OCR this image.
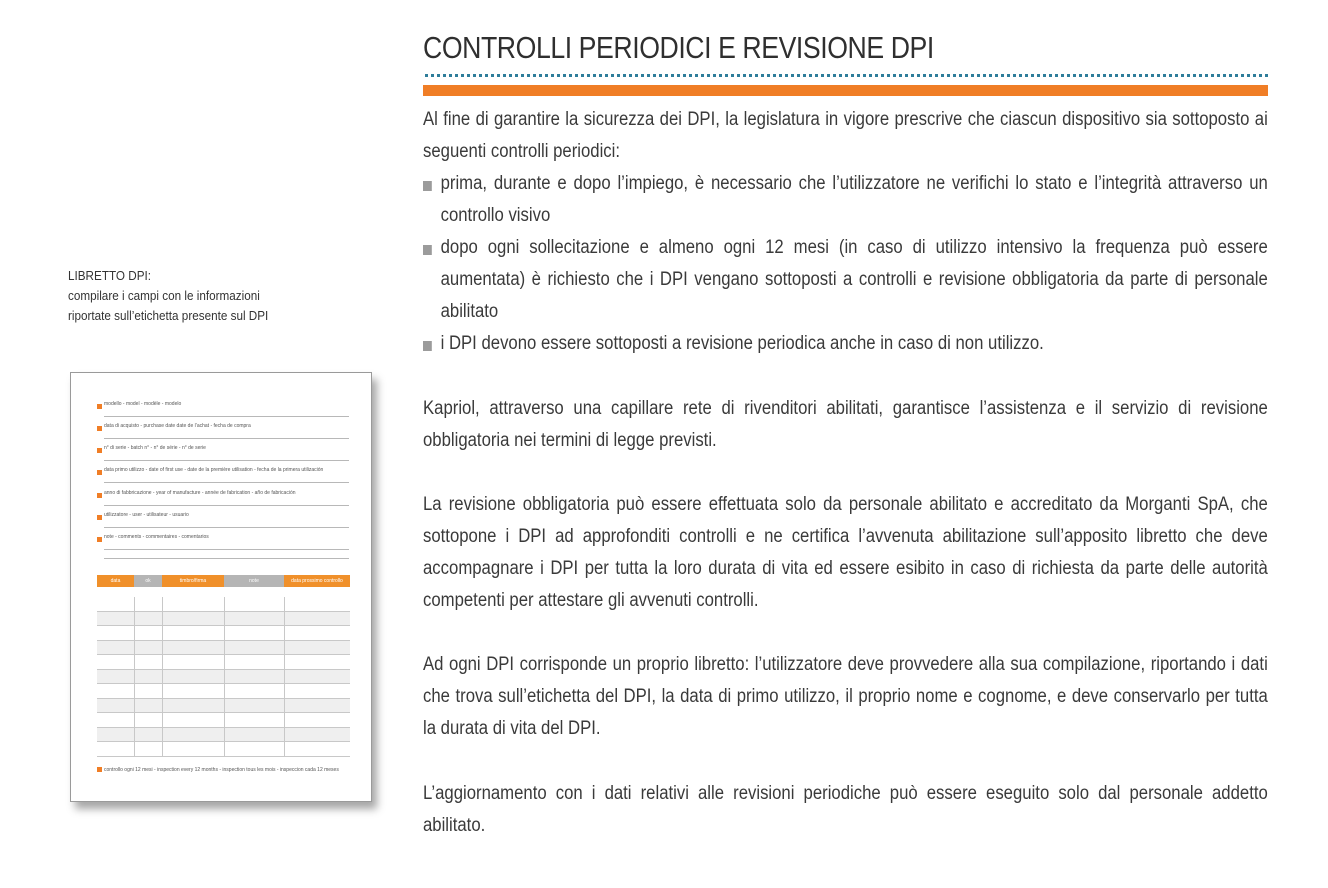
CONTROLLI PERIODICI E REVISIONE DPI
LIBRETTO DPI:
compilare i campi con le informazioni
riportate sull’etichetta presente sul DPI
modello - model - modèle - modelo
data di acquisto - purchase date date de l’achat - fecha de compra
n° di serie - batch n° - n° de série - n° de serie
data primo utilizzo - date of first use - date de la première utilisation - fecha de la primera utilización
anno di fabbricazione - year of manufacture - année de fabrication - año de fabricación
utilizzatore - user - utilisateur - usuario
note - comments - commentaires - comentarios
data	ok	timbro/firma	note	data prossimo controllo
controllo ogni 12 mesi - inspection every 12 months - inspection tous les mois - inspeccion cada 12 meses
Al fine di garantire la sicurezza dei DPI, la legislatura in vigore prescrive che ciascun dispositivo sia sottoposto ai seguenti controlli periodici:
prima, durante e dopo l’impiego, è necessario che l’utilizzatore ne verifichi lo stato e l’integrità attraverso un controllo visivo
dopo ogni sollecitazione e almeno ogni 12 mesi (in caso di utilizzo intensivo la frequenza può essere aumentata) è richiesto che i DPI vengano sottoposti a controlli e revisione obbligatoria da parte di personale abilitato
i DPI devono essere sottoposti a revisione periodica anche in caso di non utilizzo.
Kapriol, attraverso una capillare rete di rivenditori abilitati, garantisce l’assistenza e il servizio di revisione obbligatoria nei termini di legge previsti.
La revisione obbligatoria può essere effettuata solo da personale abilitato e accreditato da Morganti SpA, che sottopone i DPI ad approfonditi controlli e ne certifica l’avvenuta abilitazione sull’apposito libretto che deve accompagnare i DPI per tutta la loro durata di vita ed essere esibito in caso di richiesta da parte delle autorità competenti per attestare gli avvenuti controlli.
Ad ogni DPI corrisponde un proprio libretto: l’utilizzatore deve provvedere alla sua compilazione, riportando i dati che trova sull’etichetta del DPI, la data di primo utilizzo, il proprio nome e cognome, e deve conservarlo per tutta la durata di vita del DPI.
L’aggiornamento con i dati relativi alle revisioni periodiche può essere eseguito solo dal personale addetto abilitato.
